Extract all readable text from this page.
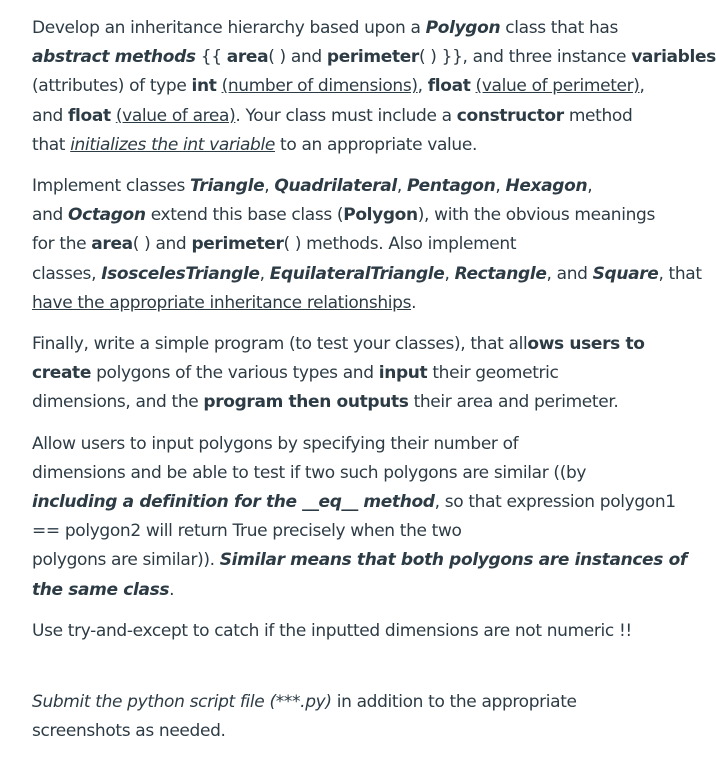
Develop an inheritance hierarchy based upon a Polygon class that has
abstract methods {{ area( ) and perimeter( ) }}, and three instance variables
(attributes) of type int (number of dimensions), float (value of perimeter),
and float (value of area). Your class must include a constructor method
that initializes the int variable to an appropriate value.

Implement classes Triangle, Quadrilateral, Pentagon, Hexagon,
and Octagon extend this base class (Polygon), with the obvious meanings
for the area( ) and perimeter( ) methods. Also implement
classes, IsoscelesTriangle, EquilateralTriangle, Rectangle, and Square, that
have the appropriate inheritance relationships.

Finally, write a simple program (to test your classes), that allows users to
create polygons of the various types and input their geometric
dimensions, and the program then outputs their area and perimeter.

Allow users to input polygons by specifying their number of
dimensions and be able to test if two such polygons are similar ((by
including a definition for the __eq__ method, so that expression polygon1
== polygon2 will return True precisely when the two
polygons are similar)). Similar means that both polygons are instances of
the same class.

Use try-and-except to catch if the inputted dimensions are not numeric !!

Submit the python script file (***.py) in addition to the appropriate
screenshots as needed.
